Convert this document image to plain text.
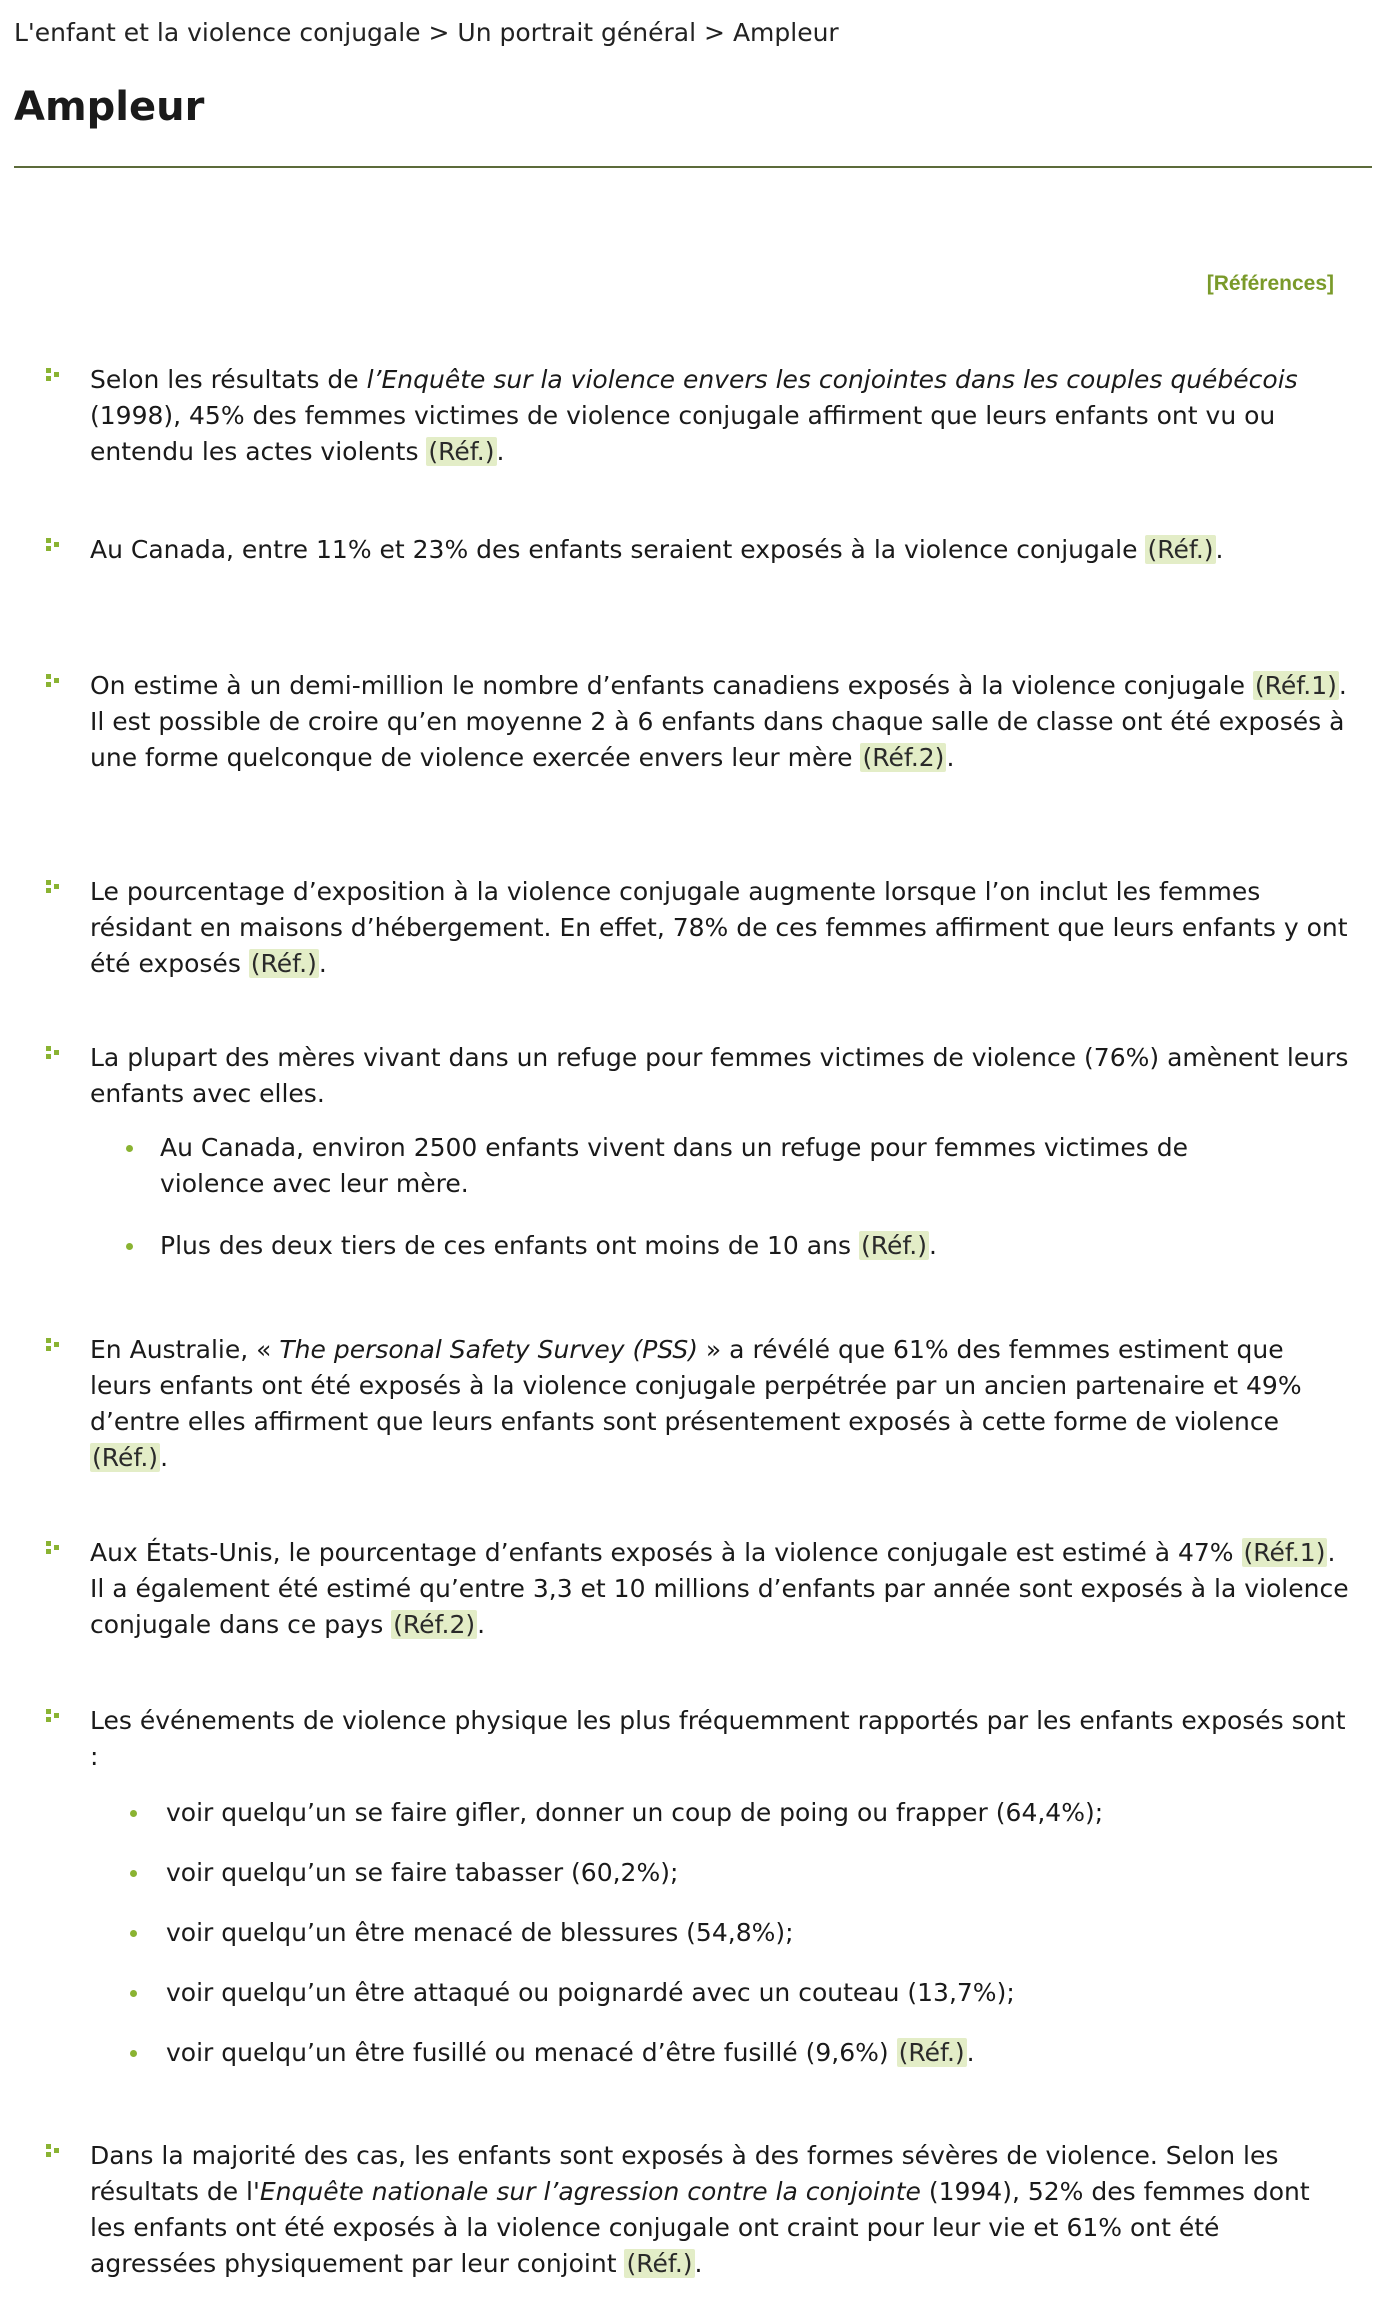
L'enfant et la violence conjugale > Un portrait général > Ampleur
Ampleur
[Références]
Selon les résultats de l’Enquête sur la violence envers les conjointes dans les couples québécois (1998), 45% des femmes victimes de violence conjugale affirment que leurs enfants ont vu ou entendu les actes violents (Réf.).
Au Canada, entre 11% et 23% des enfants seraient exposés à la violence conjugale (Réf.).
On estime à un demi-million le nombre d’enfants canadiens exposés à la violence conjugale (Réf.1). Il est possible de croire qu’en moyenne 2 à 6 enfants dans chaque salle de classe ont été exposés à une forme quelconque de violence exercée envers leur mère (Réf.2).
Le pourcentage d’exposition à la violence conjugale augmente lorsque l’on inclut les femmes résidant en maisons d’hébergement. En effet, 78% de ces femmes affirment que leurs enfants y ont été exposés (Réf.).
La plupart des mères vivant dans un refuge pour femmes victimes de violence (76%) amènent leurs enfants avec elles.
Au Canada, environ 2500 enfants vivent dans un refuge pour femmes victimes de
violence avec leur mère.
Plus des deux tiers de ces enfants ont moins de 10 ans (Réf.).
En Australie, « The personal Safety Survey (PSS) » a révélé que 61% des femmes estiment que leurs enfants ont été exposés à la violence conjugale perpétrée par un ancien partenaire et 49% d’entre elles affirment que leurs enfants sont présentement exposés à cette forme de violence (Réf.).
Aux États-Unis, le pourcentage d’enfants exposés à la violence conjugale est estimé à 47% (Réf.1). Il a également été estimé qu’entre 3,3 et 10 millions d’enfants par année sont exposés à la violence conjugale dans ce pays (Réf.2).
Les événements de violence physique les plus fréquemment rapportés par les enfants exposés sont :
voir quelqu’un se faire gifler, donner un coup de poing ou frapper (64,4%);
voir quelqu’un se faire tabasser (60,2%);
voir quelqu’un être menacé de blessures (54,8%);
voir quelqu’un être attaqué ou poignardé avec un couteau (13,7%);
voir quelqu’un être fusillé ou menacé d’être fusillé (9,6%) (Réf.).
Dans la majorité des cas, les enfants sont exposés à des formes sévères de violence. Selon les résultats de l'Enquête nationale sur l’agression contre la conjointe (1994), 52% des femmes dont les enfants ont été exposés à la violence conjugale ont craint pour leur vie et 61% ont été agressées physiquement par leur conjoint (Réf.).
